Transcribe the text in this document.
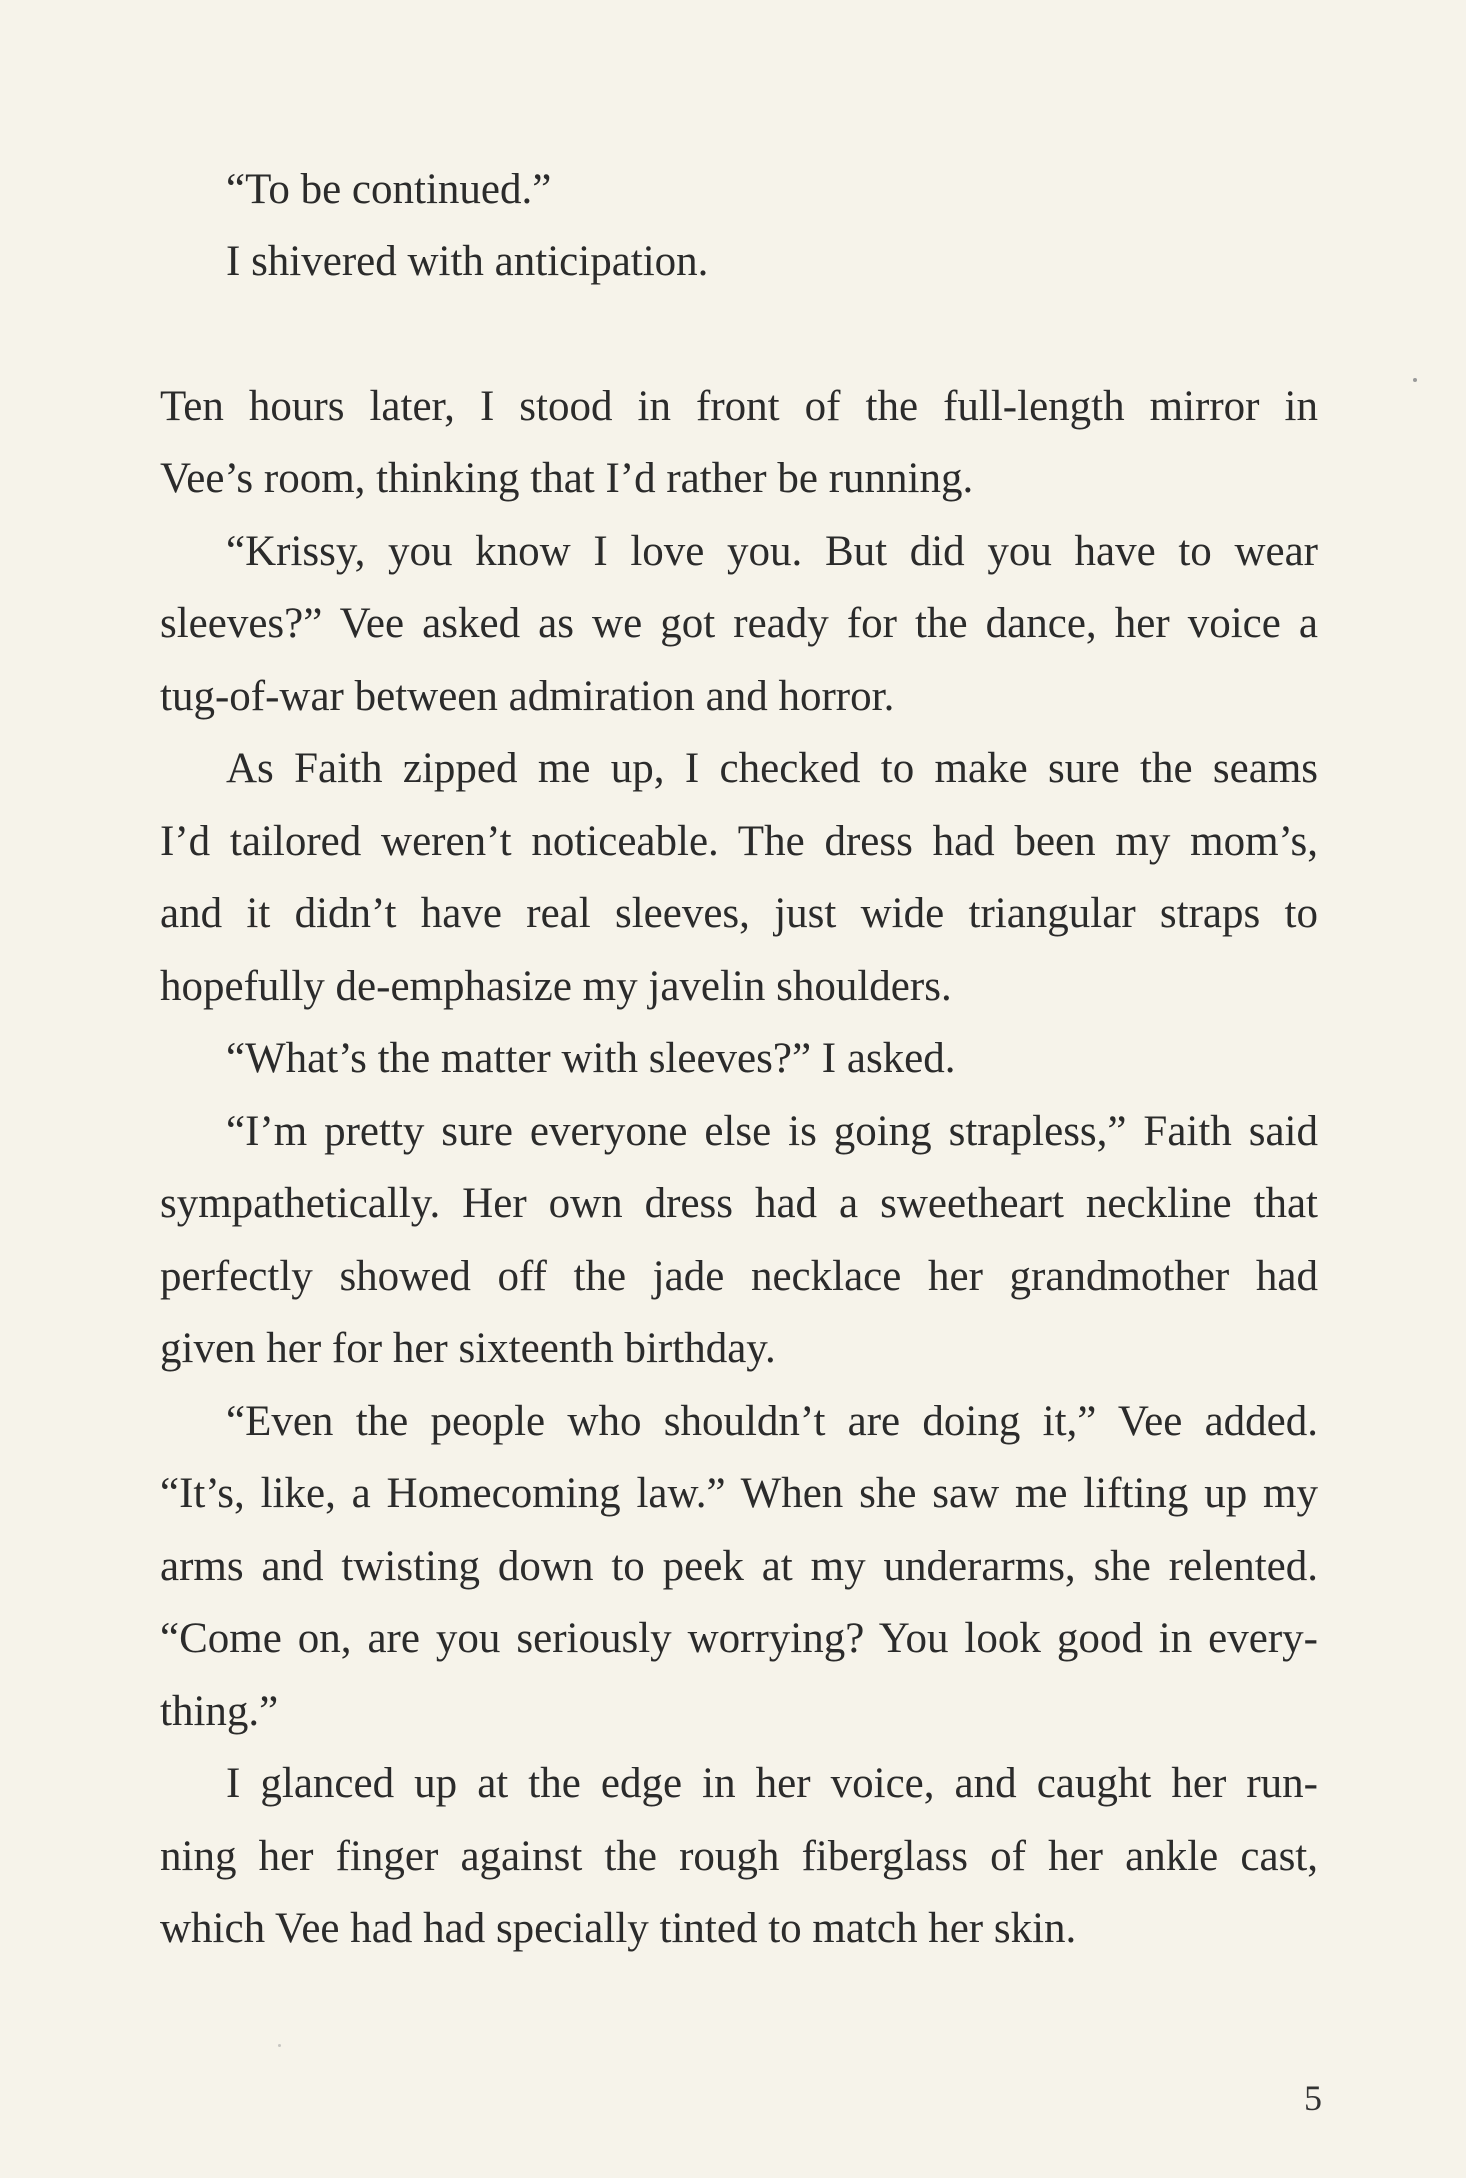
“To be continued.”
I shivered with anticipation.
Ten hours later, I stood in front of the full-length mirror in
Vee’s room, thinking that I’d rather be running.
“Krissy, you know I love you. But did you have to wear
sleeves?” Vee asked as we got ready for the dance, her voice a
tug-of-war between admiration and horror.
As Faith zipped me up, I checked to make sure the seams
I’d tailored weren’t noticeable. The dress had been my mom’s,
and it didn’t have real sleeves, just wide triangular straps to
hopefully de-emphasize my javelin shoulders.
“What’s the matter with sleeves?” I asked.
“I’m pretty sure everyone else is going strapless,” Faith said
sympathetically. Her own dress had a sweetheart neckline that
perfectly showed off the jade necklace her grandmother had
given her for her sixteenth birthday.
“Even the people who shouldn’t are doing it,” Vee added.
“It’s, like, a Homecoming law.” When she saw me lifting up my
arms and twisting down to peek at my underarms, she relented.
“Come on, are you seriously worrying? You look good in every-
thing.”
I glanced up at the edge in her voice, and caught her run-
ning her finger against the rough fiberglass of her ankle cast,
which Vee had had specially tinted to match her skin.
5
